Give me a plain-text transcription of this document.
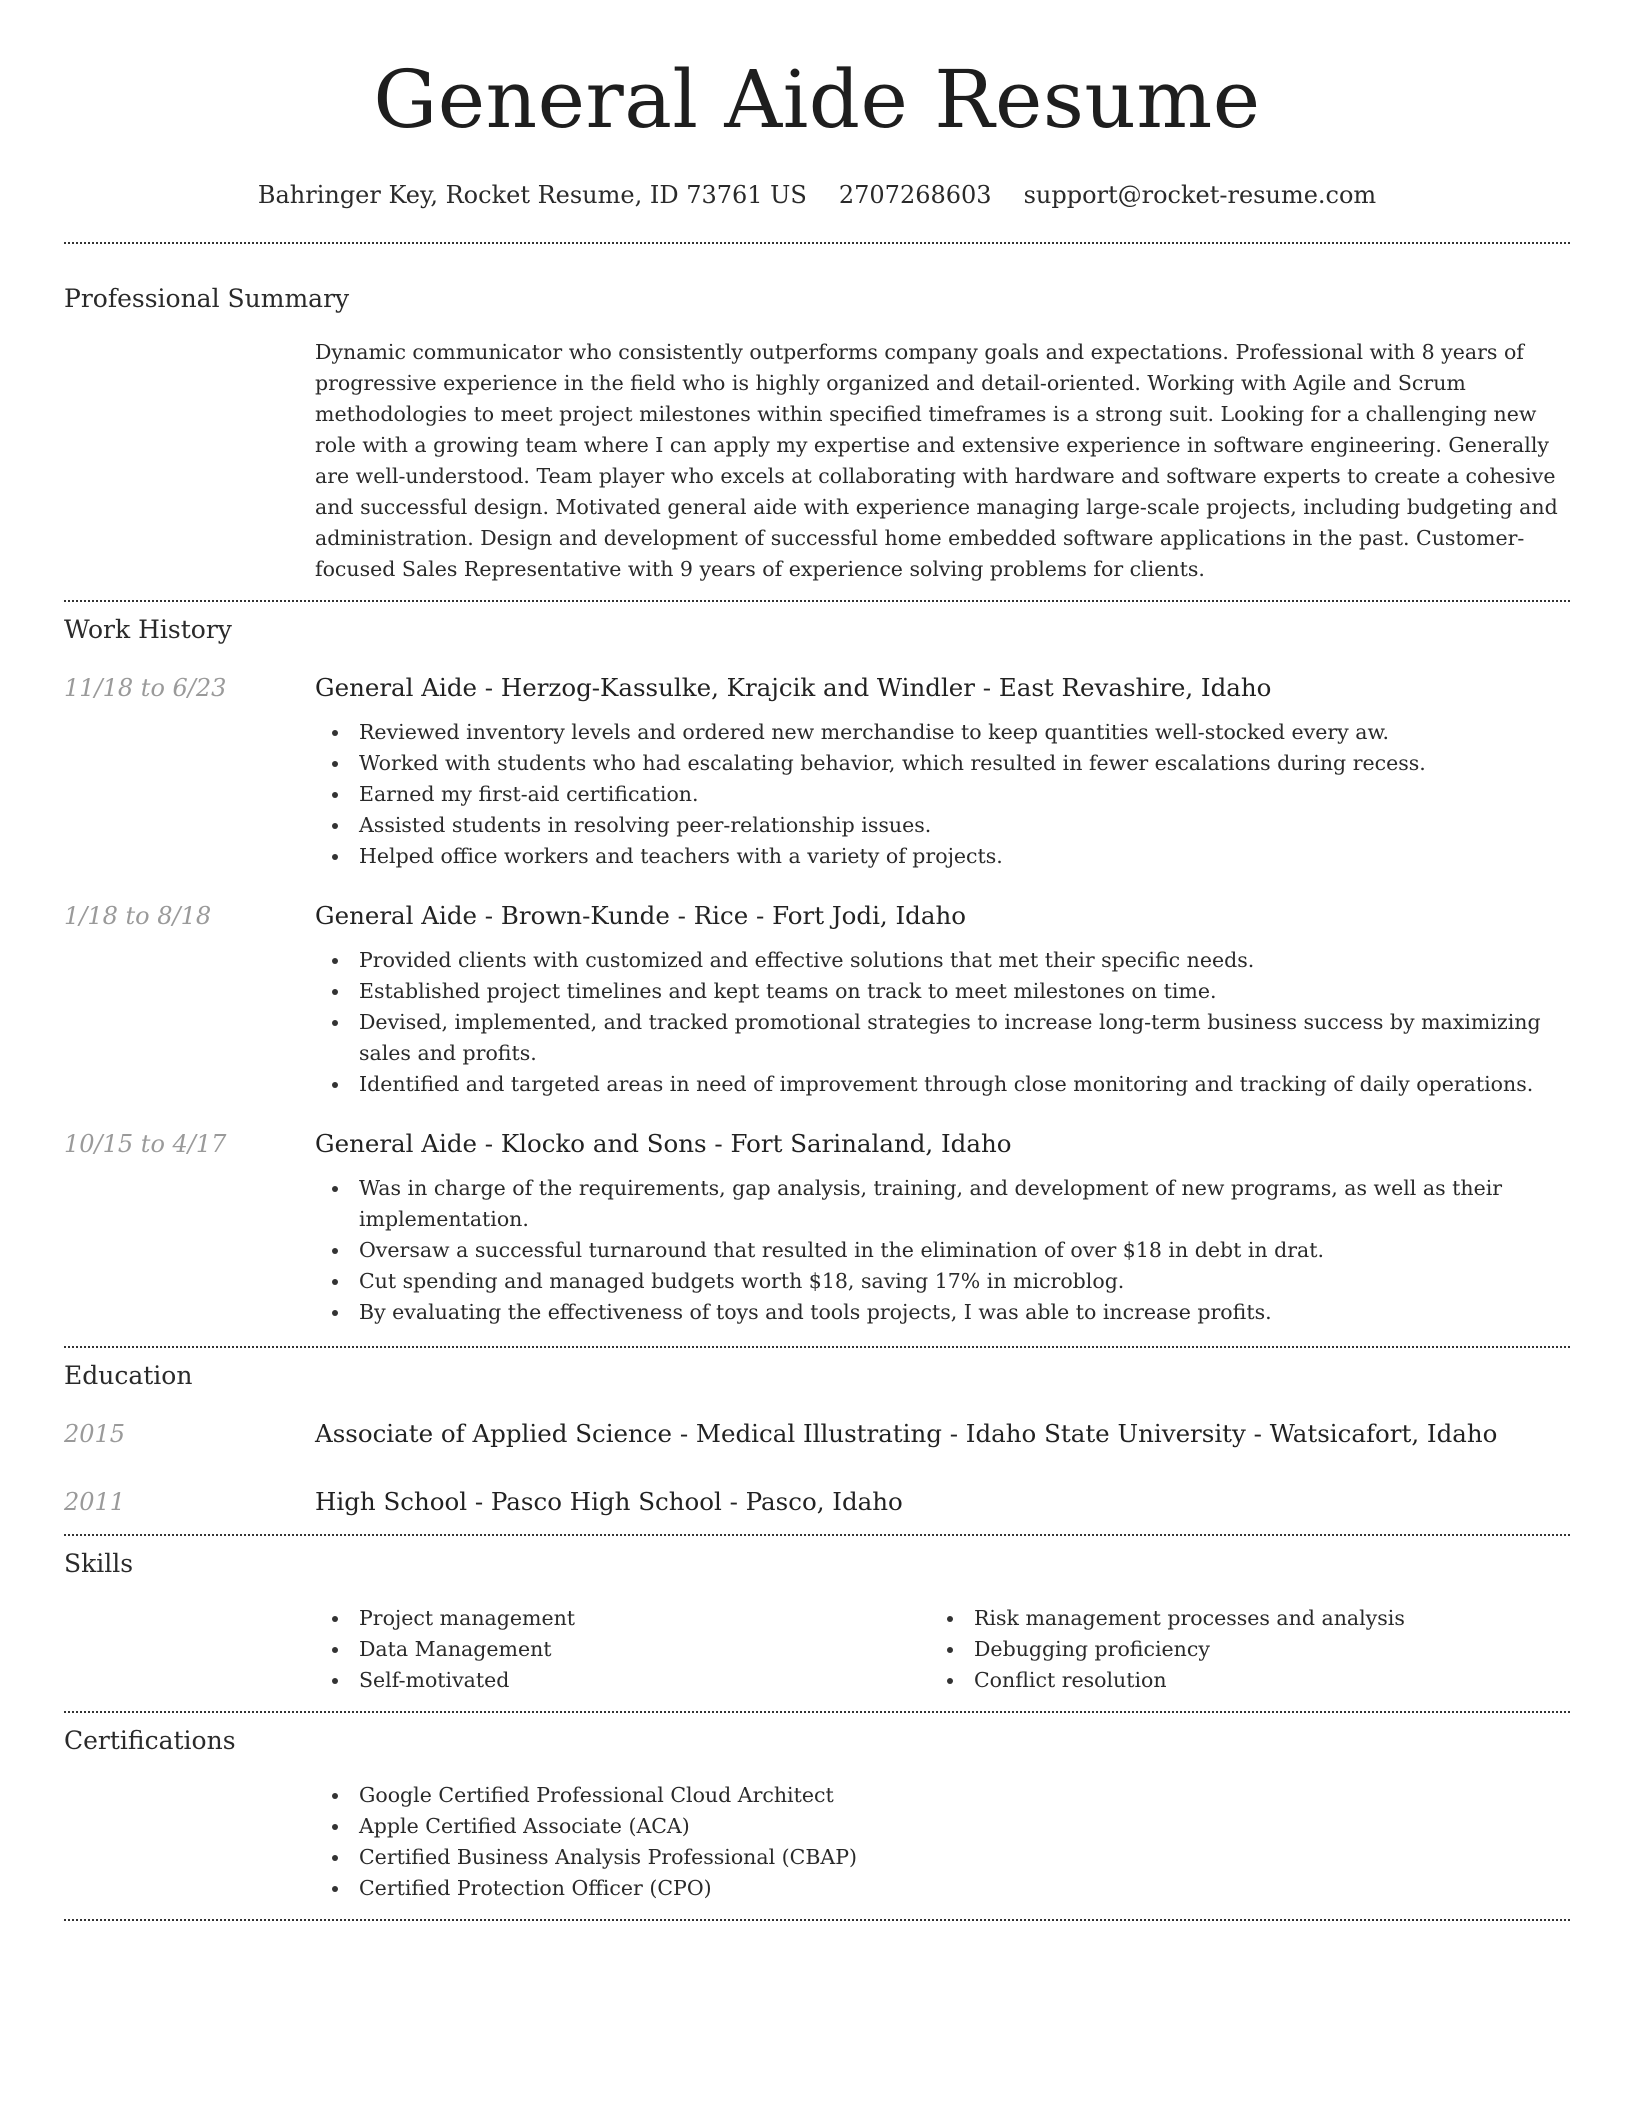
General Aide Resume
Bahringer Key, Rocket Resume, ID 73761 US 2707268603 support@rocket-resume.com
Professional Summary

Dynamic communicator who consistently outperforms company goals and expectations. Professional with 8 years of progressive experience in the field who is highly organized and detail-oriented. Working with Agile and Scrum methodologies to meet project milestones within specified timeframes is a strong suit. Looking for a challenging new role with a growing team where I can apply my expertise and extensive experience in software engineering. Generally are well-understood. Team player who excels at collaborating with hardware and software experts to create a cohesive and successful design. Motivated general aide with experience managing large-scale projects, including budgeting and administration. Design and development of successful home embedded software applications in the past. Customer-focused Sales Representative with 9 years of experience solving problems for clients.

Work History
11/18 to 6/23	General Aide - Herzog-Kassulke, Krajcik and Windler - East Revashire, Idaho
Reviewed inventory levels and ordered new merchandise to keep quantities well-stocked every aw.
Worked with students who had escalating behavior, which resulted in fewer escalations during recess.
Earned my first-aid certification.
Assisted students in resolving peer-relationship issues.
Helped office workers and teachers with a variety of projects.
1/18 to 8/18	General Aide - Brown-Kunde - Rice - Fort Jodi, Idaho
Provided clients with customized and effective solutions that met their specific needs.
Established project timelines and kept teams on track to meet milestones on time.
Devised, implemented, and tracked promotional strategies to increase long-term business success by maximizing sales and profits.
Identified and targeted areas in need of improvement through close monitoring and tracking of daily operations.
10/15 to 4/17	General Aide - Klocko and Sons - Fort Sarinaland, Idaho
Was in charge of the requirements, gap analysis, training, and development of new programs, as well as their implementation.
Oversaw a successful turnaround that resulted in the elimination of over $18 in debt in drat.
Cut spending and managed budgets worth $18, saving 17% in microblog.
By evaluating the effectiveness of toys and tools projects, I was able to increase profits.
Education
2015	Associate of Applied Science - Medical Illustrating - Idaho State University - Watsicafort, Idaho
2011	High School - Pasco High School - Pasco, Idaho
Skills
Project management
Data Management
Self-motivated
Risk management processes and analysis
Debugging proficiency
Conflict resolution
Certifications
Google Certified Professional Cloud Architect
Apple Certified Associate (ACA)
Certified Business Analysis Professional (CBAP)
Certified Protection Officer (CPO)
